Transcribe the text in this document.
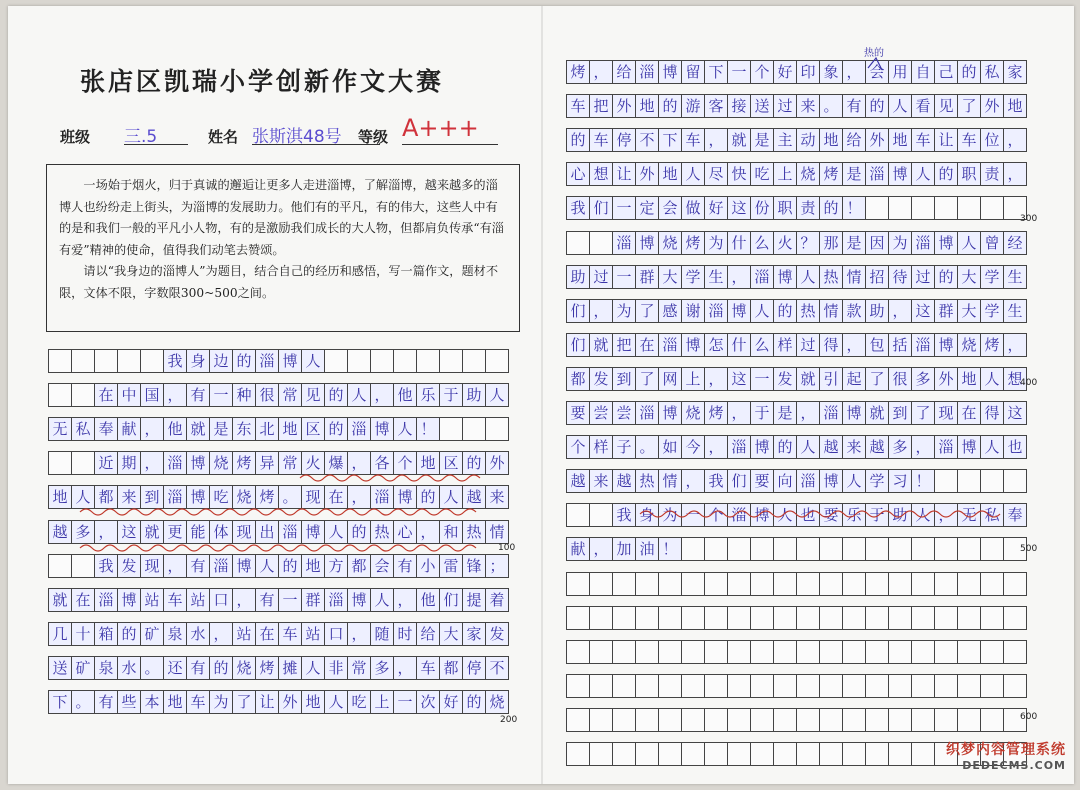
张店区凯瑞小学创新作文大赛
班级 三.5	姓名 张斯淇48号	等级 A+++

一场始于烟火，归于真诚的邂逅让更多人走进淄博，了解淄博，越来越多的淄博人也纷纷走上街头，为淄博的发展助力。他们有的平凡，有的伟大，这些人中有的是和我们一般的平凡小人物，有的是激励我们成长的大人物，但都肩负传承“有淄有爱”精神的使命，值得我们动笔去赞颂。

请以“我身边的淄博人”为题目，结合自己的经历和感悟，写一篇作文，题材不限，文体不限，字数限300~500之间。

我 身 边 的 淄 博 人
在 中 国 ， 有 一 种 很 常 见 的 人 ， 他 乐 于 助 人
无 私 奉 献 ， 他 就 是 东 北 地 区 的 淄 博 人 ！
近 期 ， 淄 博 烧 烤 异 常 火 爆 ， 各 个 地 区 的 外
地 人 都 来 到 淄 博 吃 烧 烤 。 现 在 ， 淄 博 的 人 越 来
越 多 ， 这 就 更 能 体 现 出 淄 博 人 的 热 心 ， 和 热 情
我 发 现 ， 有 淄 博 人 的 地 方 都 会 有 小 雷 锋 ；
就 在 淄 博 站 车 站 口 ， 有 一 群 淄 博 人 ， 他 们 提 着
几 十 箱 的 矿 泉 水 ， 站 在 车 站 口 ， 随 时 给 大 家 发
送 矿 泉 水 。 还 有 的 烧 烤 摊 人 非 常 多 ， 车 都 停 不
下 。 有 些 本 地 车 为 了 让 外 地 人 吃 上 一 次 好 的 烧
烤 ， 给 淄 博 留 下 一 个 好 印 象 ， 会 用 自 己 的 私 家
车 把 外 地 的 游 客 接 送 过 来 。 有 的 人 看 见 了 外 地
的 车 停 不 下 车 ， 就 是 主 动 地 给 外 地 车 让 车 位 ，
心 想 让 外 地 人 尽 快 吃 上 烧 烤 是 淄 博 人 的 职 责 ，
我 们 一 定 会 做 好 这 份 职 责 的 ！
淄 博 烧 烤 为 什 么 火 ？ 那 是 因 为 淄 博 人 曾 经
助 过 一 群 大 学 生 ， 淄 博 人 热 情 招 待 过 的 大 学 生
们 ， 为 了 感 谢 淄 博 人 的 热 情 款 助 ， 这 群 大 学 生
们 就 把 在 淄 博 怎 什 么 样 过 得 ， 包 括 淄 博 烧 烤 ，
都 发 到 了 网 上 ， 这 一 发 就 引 起 了 很 多 外 地 人 想
要 尝 尝 淄 博 烧 烤 ， 于 是 ， 淄 博 就 到 了 现 在 得 这
个 样 子 。 如 今 ， 淄 博 的 人 越 来 越 多 ， 淄 博 人 也
越 来 越 热 情 ， 我 们 要 向 淄 博 人 学 习 ！
我 身 为 一 个 淄 博 人 也 要 乐 于 助 人 ， 无 私 奉
献 ， 加 油 ！
100
200
300
400
500
600
热的
织梦内容管理系统
DEDECMS.COM
